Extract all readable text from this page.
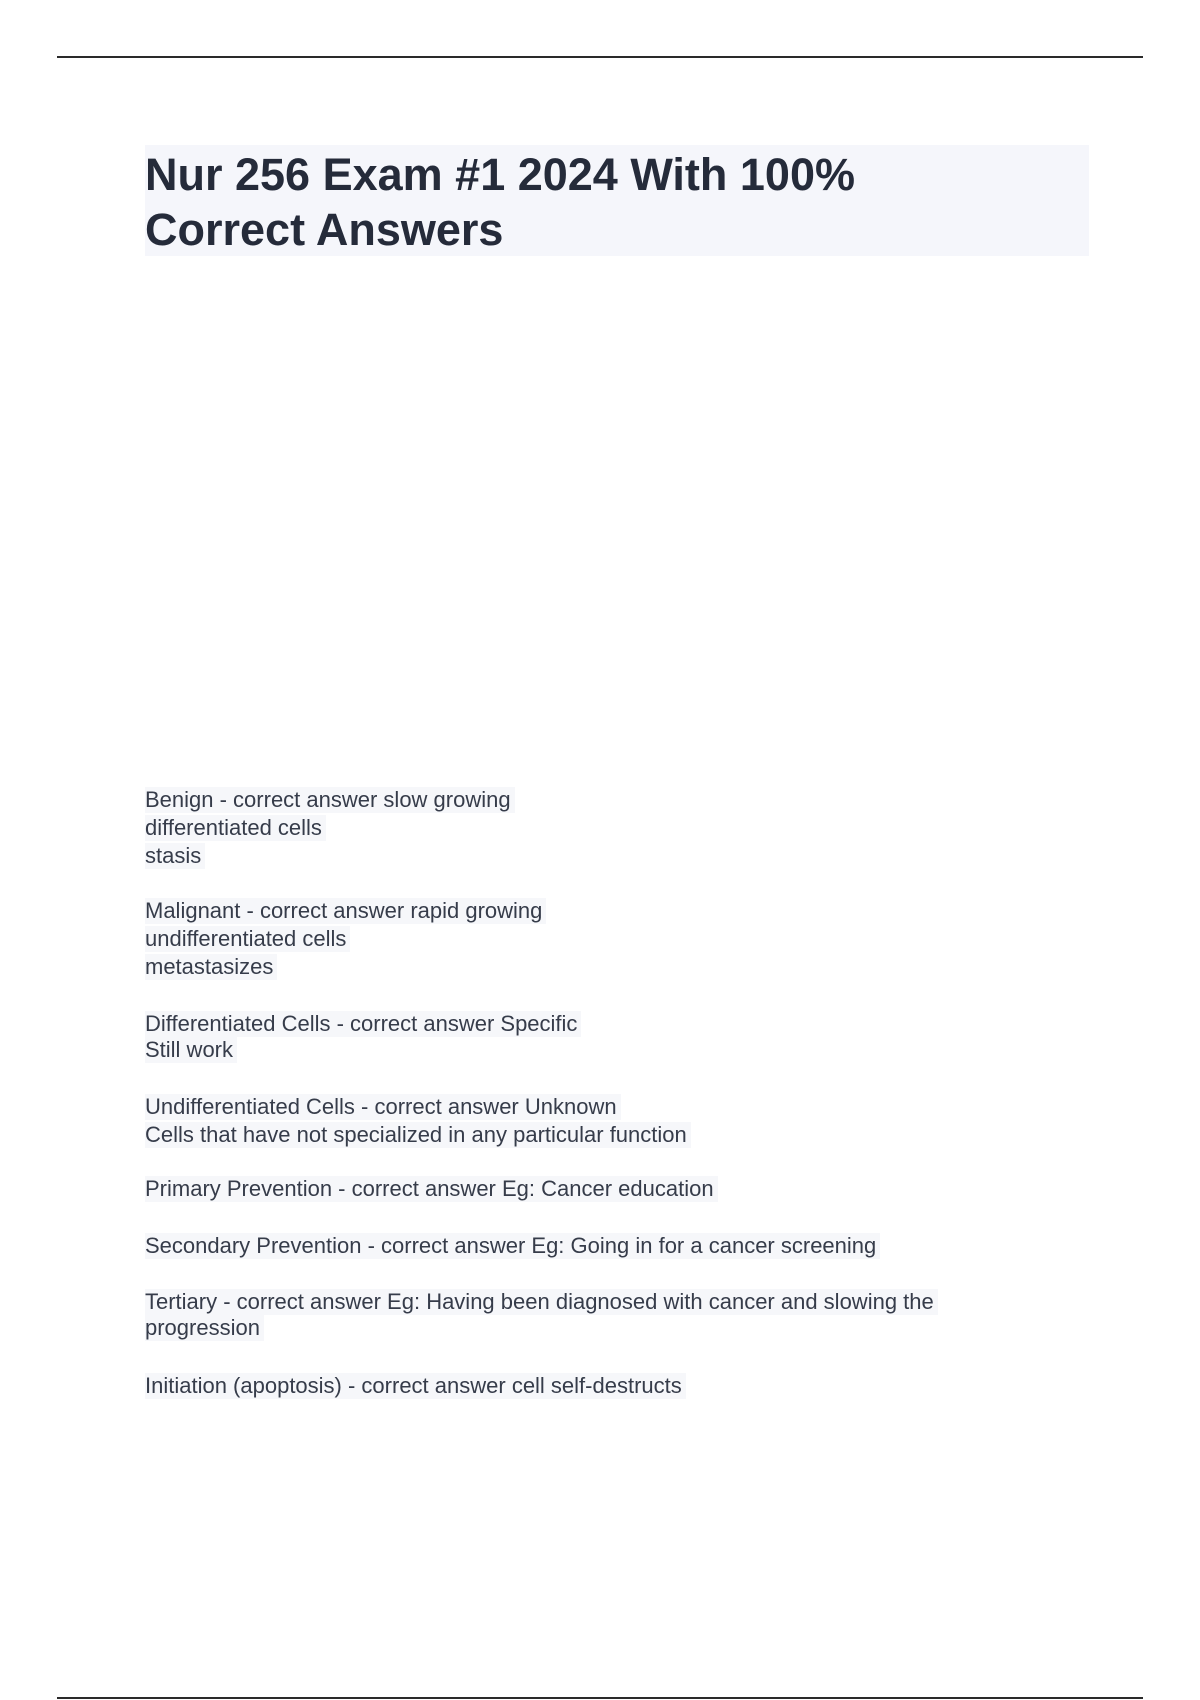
Nur 256 Exam #1 2024 With 100%
Correct Answers
Benign - correct answer slow growing
differentiated cells
stasis
Malignant - correct answer rapid growing
undifferentiated cells
metastasizes
Differentiated Cells - correct answer Specific
Still work
Undifferentiated Cells - correct answer Unknown
Cells that have not specialized in any particular function
Primary Prevention - correct answer Eg: Cancer education
Secondary Prevention - correct answer Eg: Going in for a cancer screening
Tertiary - correct answer Eg: Having been diagnosed with cancer and slowing the
progression
Initiation (apoptosis) - correct answer cell self-destructs
